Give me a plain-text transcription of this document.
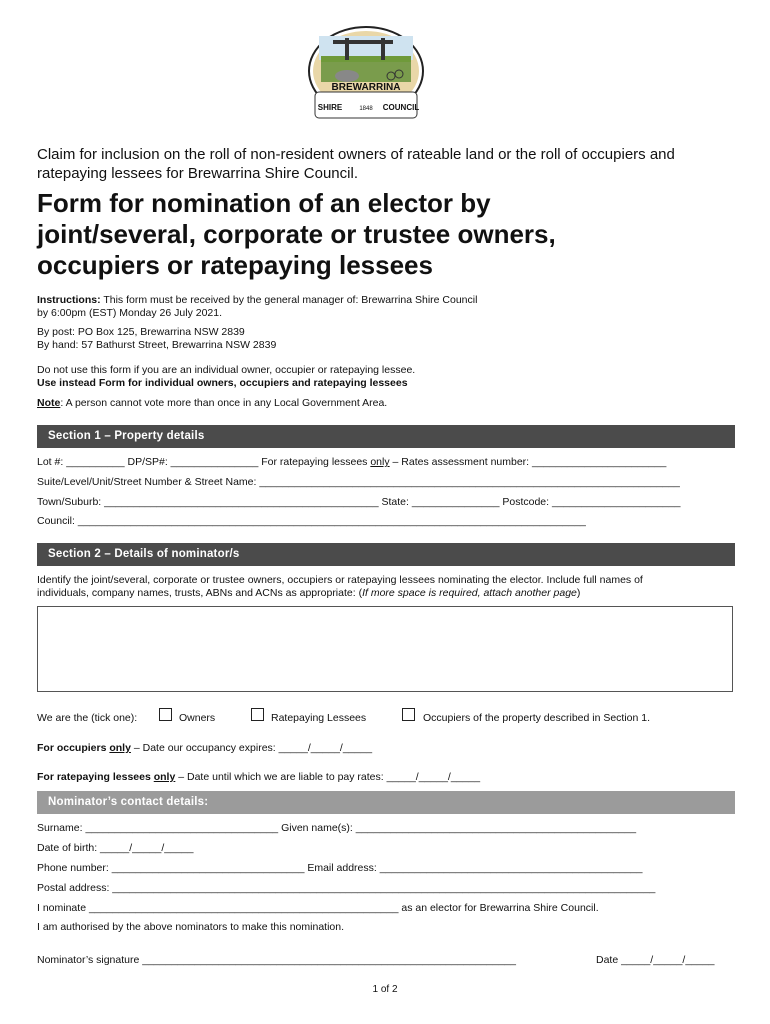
BREWARRINA
SHIRE	1848 COUNCIL
Claim for inclusion on the roll of non-resident owners of rateable land or the roll of occupiers and ratepaying lessees for Brewarrina Shire Council.
Form for nomination of an elector by
joint/several, corporate or trustee owners,
occupiers or ratepaying lessees
Instructions: This form must be received by the general manager of: Brewarrina Shire Council
by 6:00pm (EST) Monday 26 July 2021.
By post: PO Box 125, Brewarrina NSW 2839
By hand: 57 Bathurst Street, Brewarrina NSW 2839
Do not use this form if you are an individual owner, occupier or ratepaying lessee.
Use instead Form for individual owners, occupiers and ratepaying lessees
Note: A person cannot vote more than once in any Local Government Area.
Section 1 – Property details
Lot #: __________ DP/SP#: _______________ For ratepaying lessees only – Rates assessment number: _______________________
Suite/Level/Unit/Street Number & Street Name: ________________________________________________________________________
Town/Suburb: _______________________________________________ State: _______________ Postcode: ______________________
Council: _______________________________________________________________________________________
Section 2 – Details of nominator/s
Identify the joint/several, corporate or trustee owners, occupiers or ratepaying lessees nominating the elector. Include full names of
individuals, company names, trusts, ABNs and ACNs as appropriate: (If more space is required, attach another page)
We are the (tick one):	Owners	Ratepaying Lessees	Occupiers of the property described in Section 1.
For occupiers only – Date our occupancy expires: _____/_____/_____
For ratepaying lessees only – Date until which we are liable to pay rates: _____/_____/_____
Nominator’s contact details:
Surname: _________________________________ Given name(s): ________________________________________________
Date of birth: _____/_____/_____
Phone number: _________________________________ Email address: _____________________________________________
Postal address: _____________________________________________________________________________________________
I nominate _____________________________________________________ as an elector for Brewarrina Shire Council.
I am authorised by the above nominators to make this nomination.
Nominator’s signature ________________________________________________________________	Date _____/_____/_____
1 of 2
